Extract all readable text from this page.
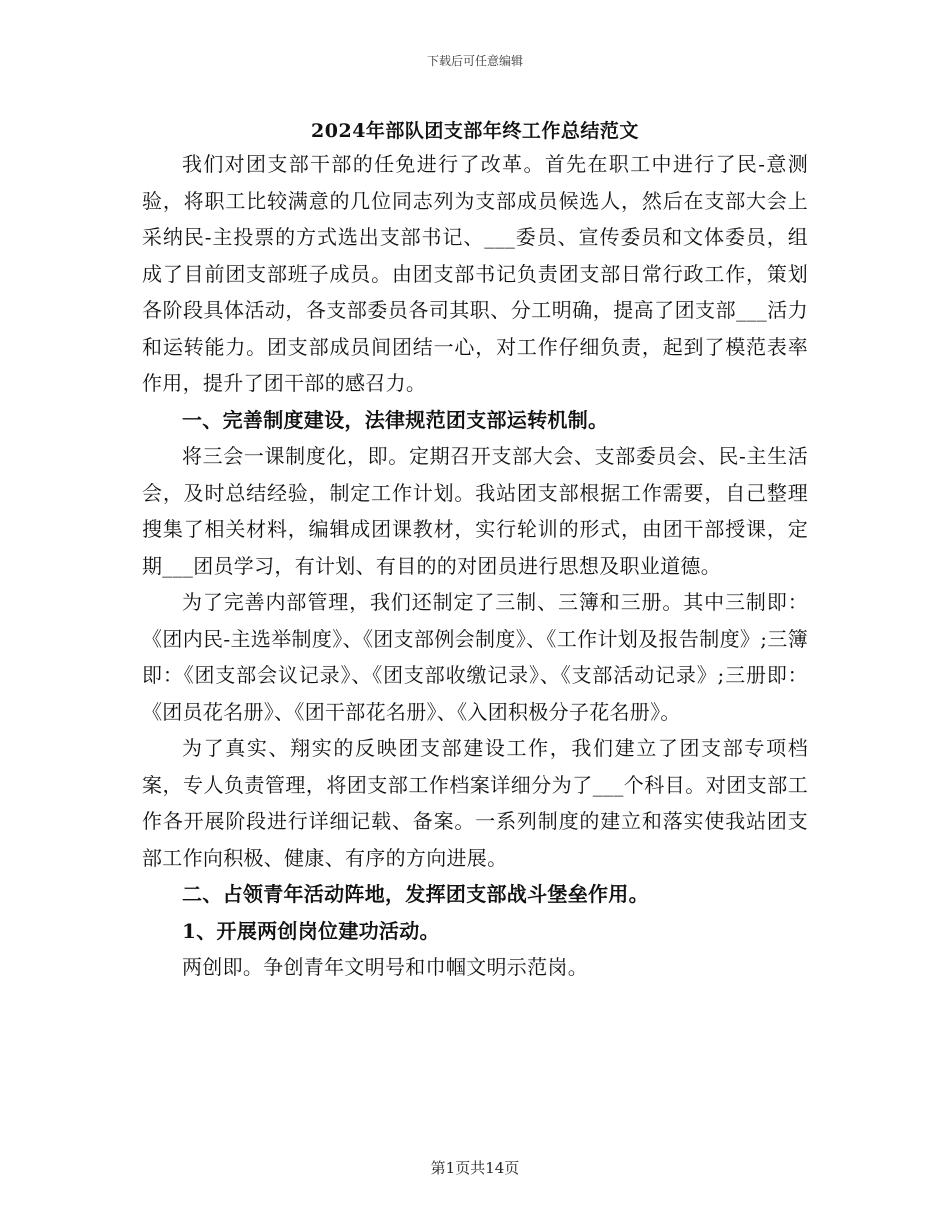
下载后可任意编辑
2024年部队团支部年终工作总结范文

我们对团支部干部的任免进行了改革。首先在职工中进行了民-意测验，将职工比较满意的几位同志列为支部成员候选人，然后在支部大会上采纳民-主投票的方式选出支部书记、___委员、宣传委员和文体委员，组成了目前团支部班子成员。由团支部书记负责团支部日常行政工作，策划各阶段具体活动，各支部委员各司其职、分工明确，提高了团支部___活力和运转能力。团支部成员间团结一心，对工作仔细负责，起到了模范表率作用，提升了团干部的感召力。

一、完善制度建设，法律规范团支部运转机制。

将三会一课制度化，即。定期召开支部大会、支部委员会、民-主生活会，及时总结经验，制定工作计划。我站团支部根据工作需要，自己整理搜集了相关材料，编辑成团课教材，实行轮训的形式，由团干部授课，定期___团员学习，有计划、有目的的对团员进行思想及职业道德。

为了完善内部管理，我们还制定了三制、三簿和三册。其中三制即：《团内民-主选举制度》、《团支部例会制度》、《工作计划及报告制度》;三簿即：《团支部会议记录》、《团支部收缴记录》、《支部活动记录》;三册即：《团员花名册》、《团干部花名册》、《入团积极分子花名册》。

为了真实、翔实的反映团支部建设工作，我们建立了团支部专项档案，专人负责管理，将团支部工作档案详细分为了___个科目。对团支部工作各开展阶段进行详细记载、备案。一系列制度的建立和落实使我站团支部工作向积极、健康、有序的方向进展。

二、占领青年活动阵地，发挥团支部战斗堡垒作用。

1、开展两创岗位建功活动。

两创即。争创青年文明号和巾帼文明示范岗。

第1页共14页
